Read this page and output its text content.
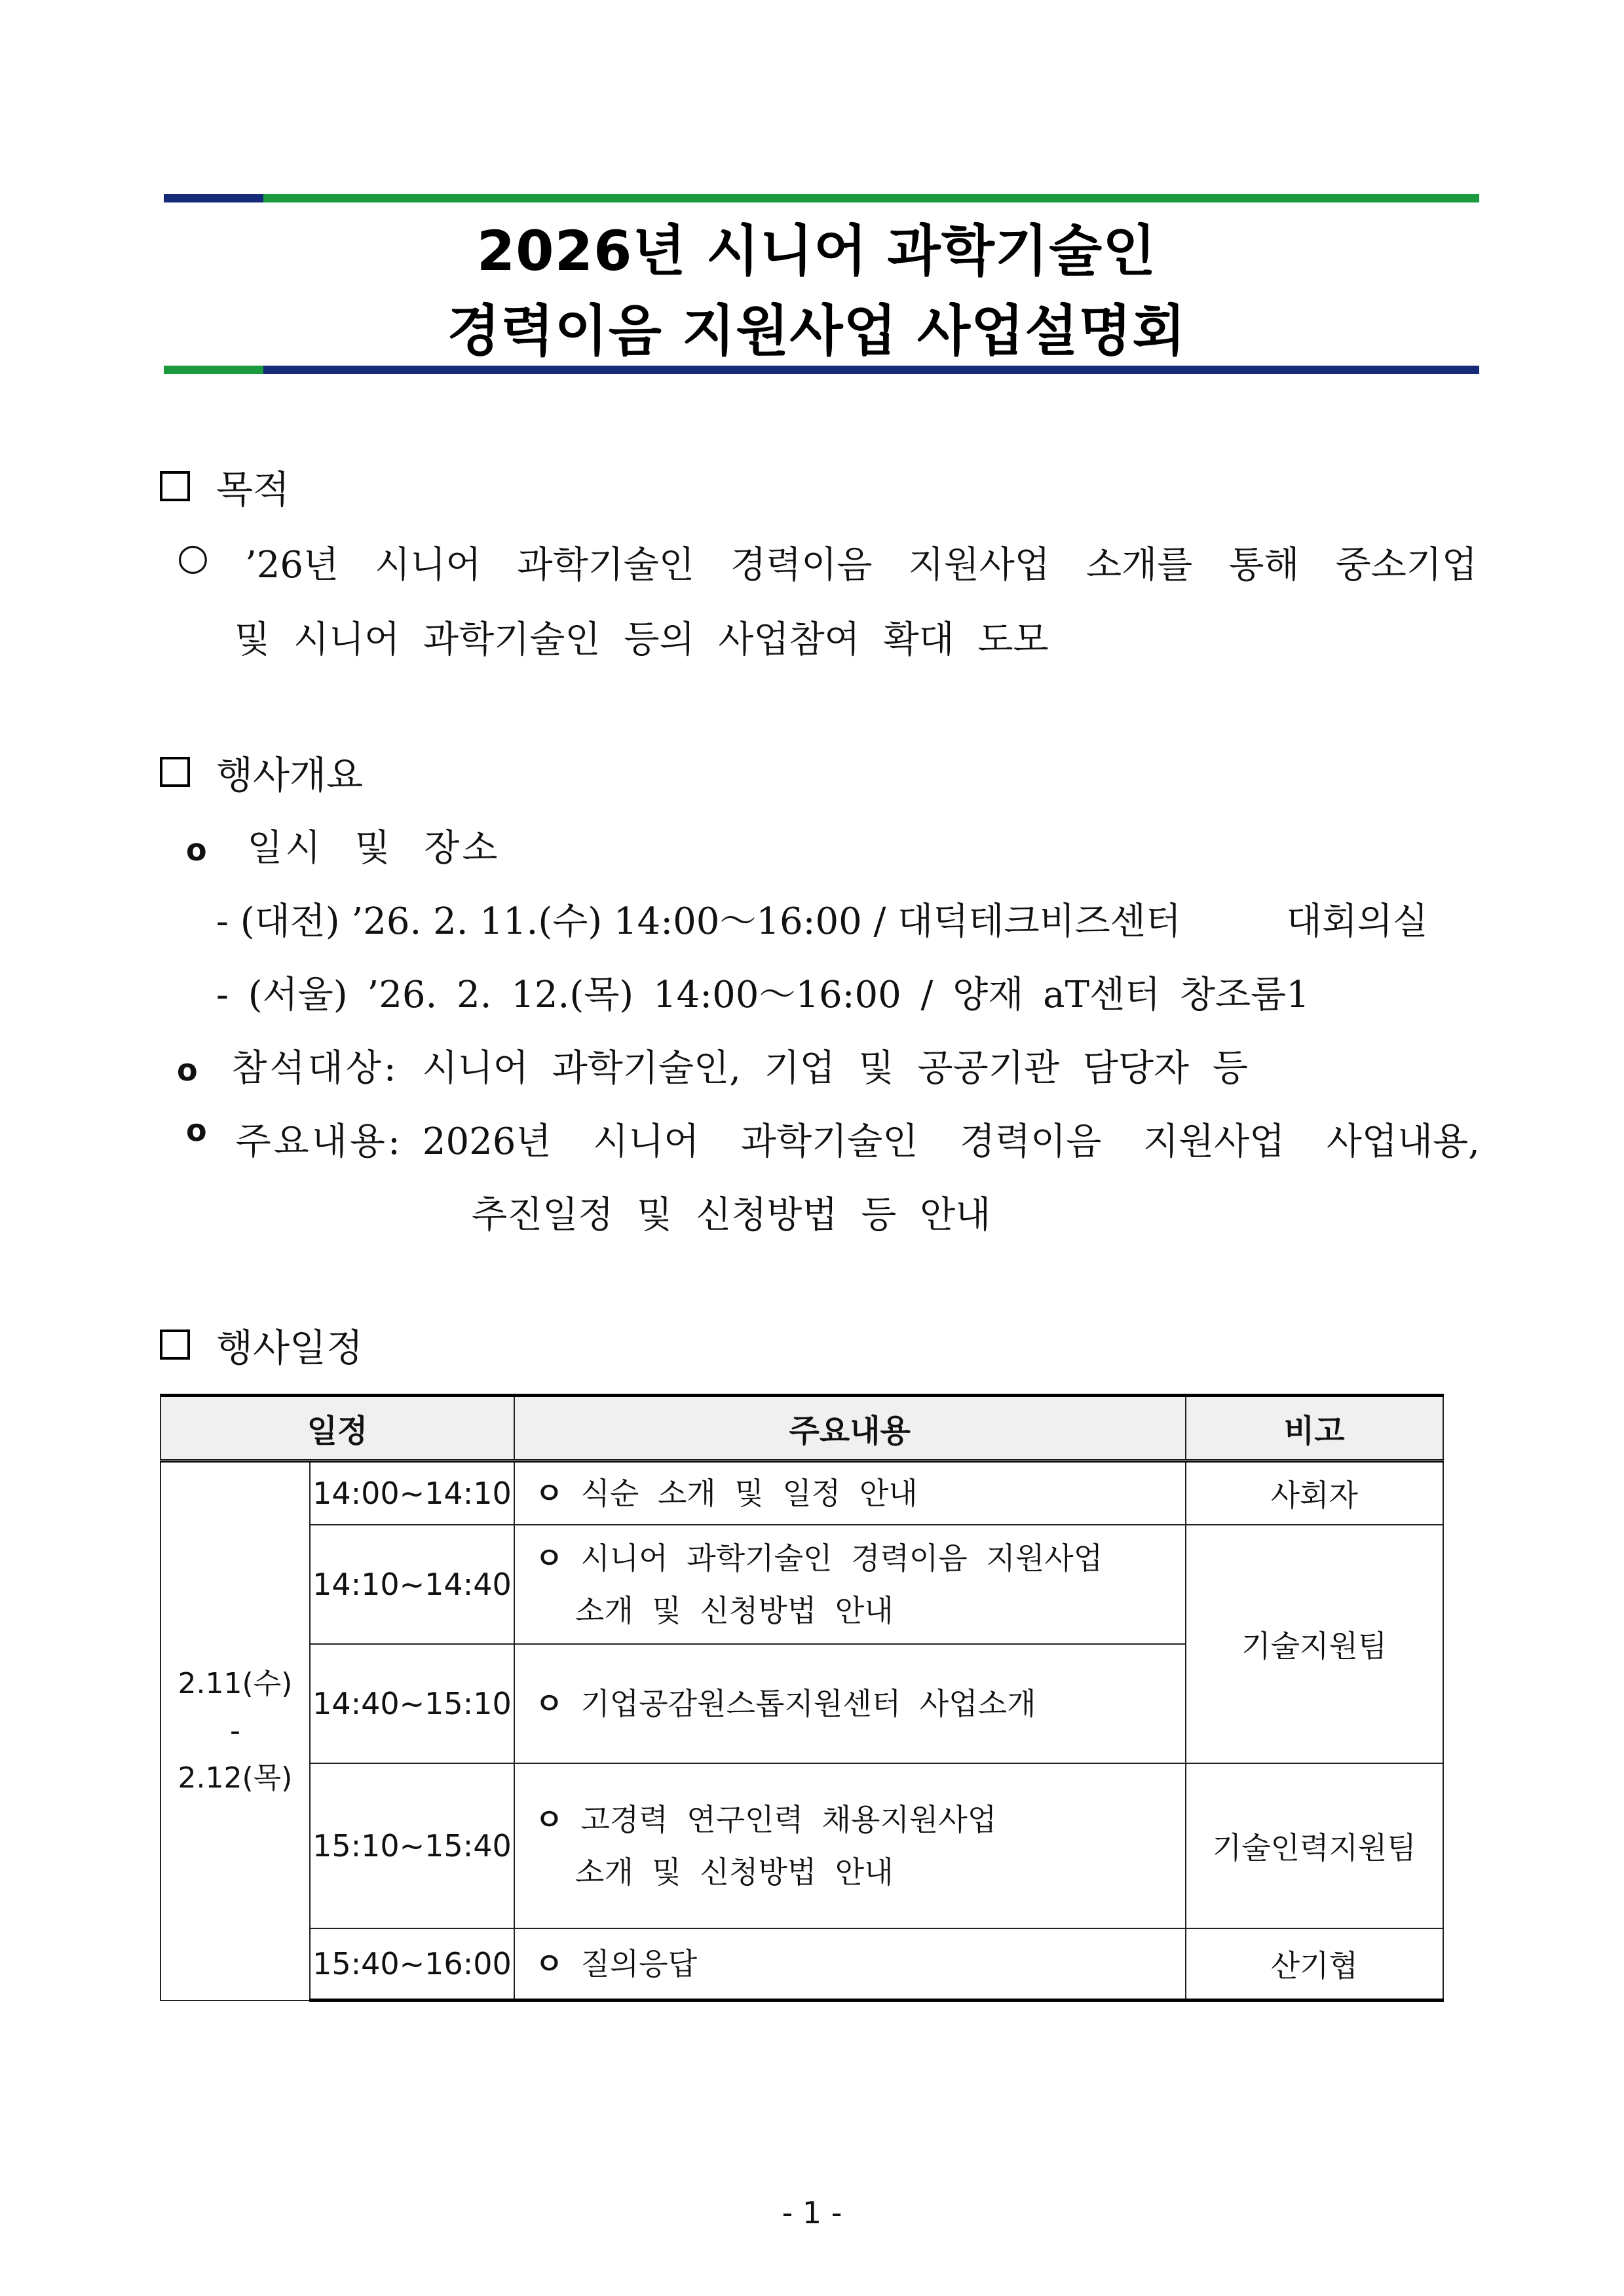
2026년 시니어 과학기술인
경력이음 지원사업 사업설명회
목적
○ ’26년 시니어 과학기술인 경력이음 지원사업 소개를 통해 중소기업
및 시니어 과학기술인 등의 사업참여 확대 도모
행사개요
o 일시 및 장소
- (대전) ’26. 2. 11.(수) 14:00～16:00 / 대덕테크비즈센터	대회의실
- (서울) ’26. 2. 12.(목) 14:00～16:00 / 양재 aT센터 창조룸1
o 참석대상: 시니어 과학기술인, 기업 및 공공기관 담당자 등
o 주요내용: 2026년 시니어 과학기술인 경력이음 지원사업 사업내용,
추진일정 및 신청방법 등 안내
행사일정
일정		주요내용	비고

2.11(수)
-
2.12(목)	14:00~14:10	ㅇ 식순 소개 및 일정 안내	사회자
	14:10~14:40	ㅇ 시니어 과학기술인 경력이음 지원사업
소개 및 신청방법 안내	기술지원팀
	14:40~15:10	ㅇ 기업공감원스톱지원센터 사업소개	
	15:10~15:40	ㅇ 고경력 연구인력 채용지원사업
소개 및 신청방법 안내	기술인력지원팀
	15:40~16:00	ㅇ 질의응답	산기협
- 1 -
